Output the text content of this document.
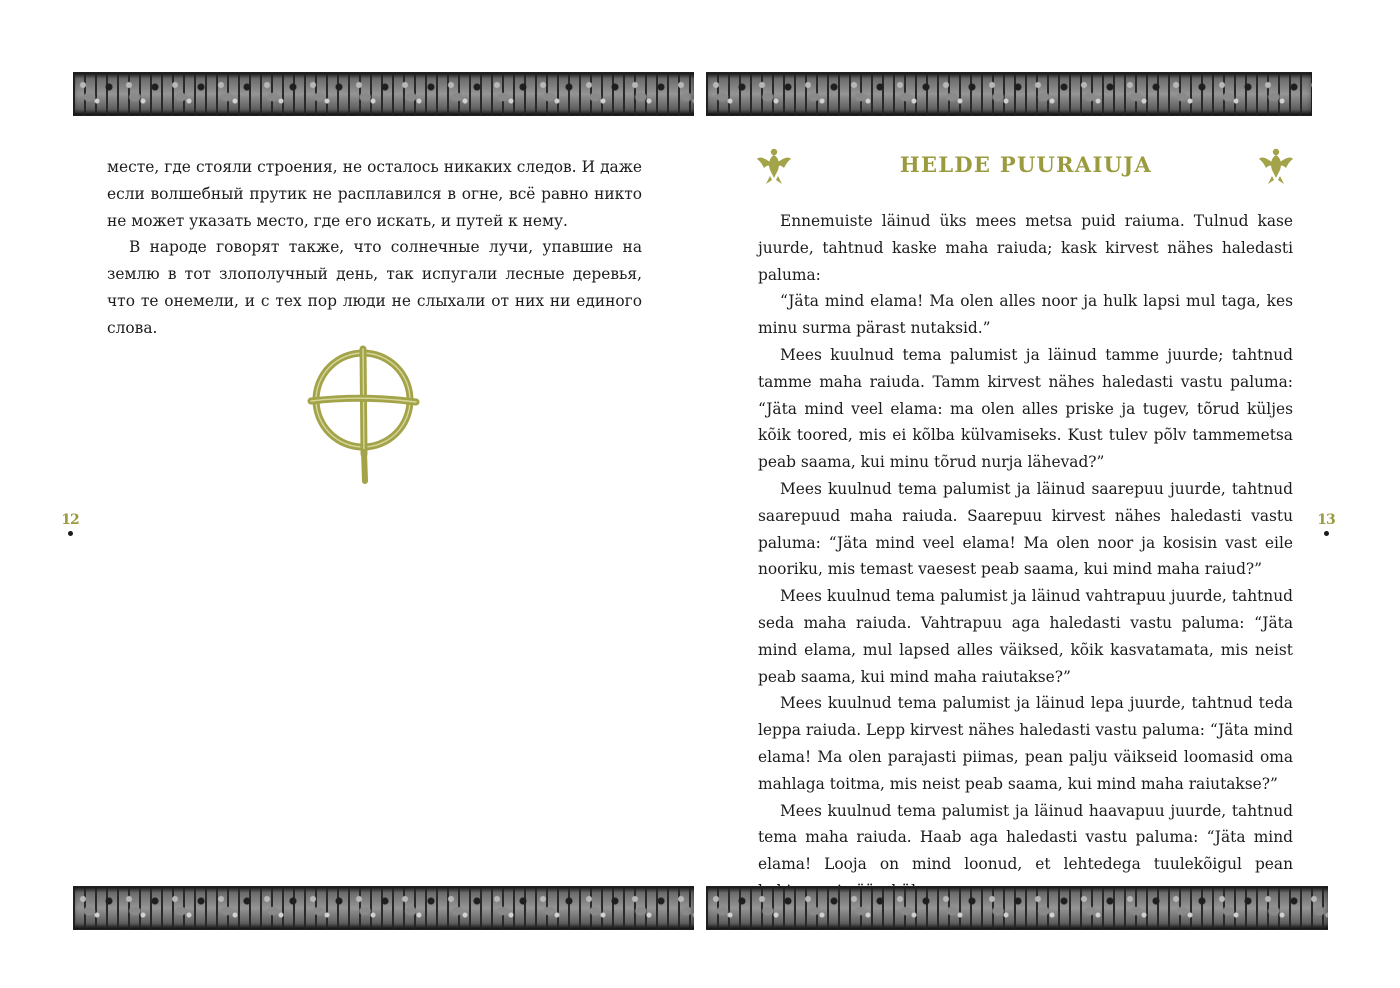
месте, где стояли строения, не осталось никаких следов. И даже если волшебный прутик не расплавился в огне, всё равно никто не может указать место, где его искать, и путей к нему.

В народе говорят также, что солнечные лучи, упавшие на землю в тот злополучный день, так испугали лесные деревья, что те онемели, и с тех пор люди не слыхали от них ни единого слова.

12
HELDE PUURAIUJA

Ennemuiste läinud üks mees metsa puid raiuma. Tulnud kase juurde, tahtnud kaske maha raiuda; kask kirvest nähes haledasti paluma:

“Jäta mind elama! Ma olen alles noor ja hulk lapsi mul taga, kes minu surma pärast nutaksid.”

Mees kuulnud tema palumist ja läinud tamme juurde; tahtnud tamme maha raiuda. Tamm kirvest nähes haledasti vastu paluma: “Jäta mind veel elama: ma olen alles priske ja tugev, tõrud küljes kõik toored, mis ei kõlba külvamiseks. Kust tulev põlv tammemetsa peab saama, kui minu tõrud nurja lähevad?”

Mees kuulnud tema palumist ja läinud saarepuu juurde, tahtnud saarepuud maha raiuda. Saarepuu kirvest nähes haledasti vastu paluma: “Jäta mind veel elama! Ma olen noor ja kosisin vast eile nooriku, mis temast vaesest peab saama, kui mind maha raiud?”

Mees kuulnud tema palumist ja läinud vahtrapuu juurde, tahtnud seda maha raiuda. Vahtrapuu aga haledasti vastu paluma: “Jäta mind elama, mul lapsed alles väiksed, kõik kasvatamata, mis neist peab saama, kui mind maha raiutakse?”

Mees kuulnud tema palumist ja läinud lepa juurde, tahtnud teda leppa raiuda. Lepp kirvest nähes haledasti vastu paluma: “Jäta mind elama! Ma olen parajasti piimas, pean palju väikseid loomasid oma mahlaga toitma, mis neist peab saama, kui mind maha raiutakse?”

Mees kuulnud tema palumist ja läinud haavapuu juurde, tahtnud tema maha raiuda. Haab aga haledasti vastu paluma: “Jäta mind elama! Looja on mind loonud, et lehtedega tuulekõigul pean

13
